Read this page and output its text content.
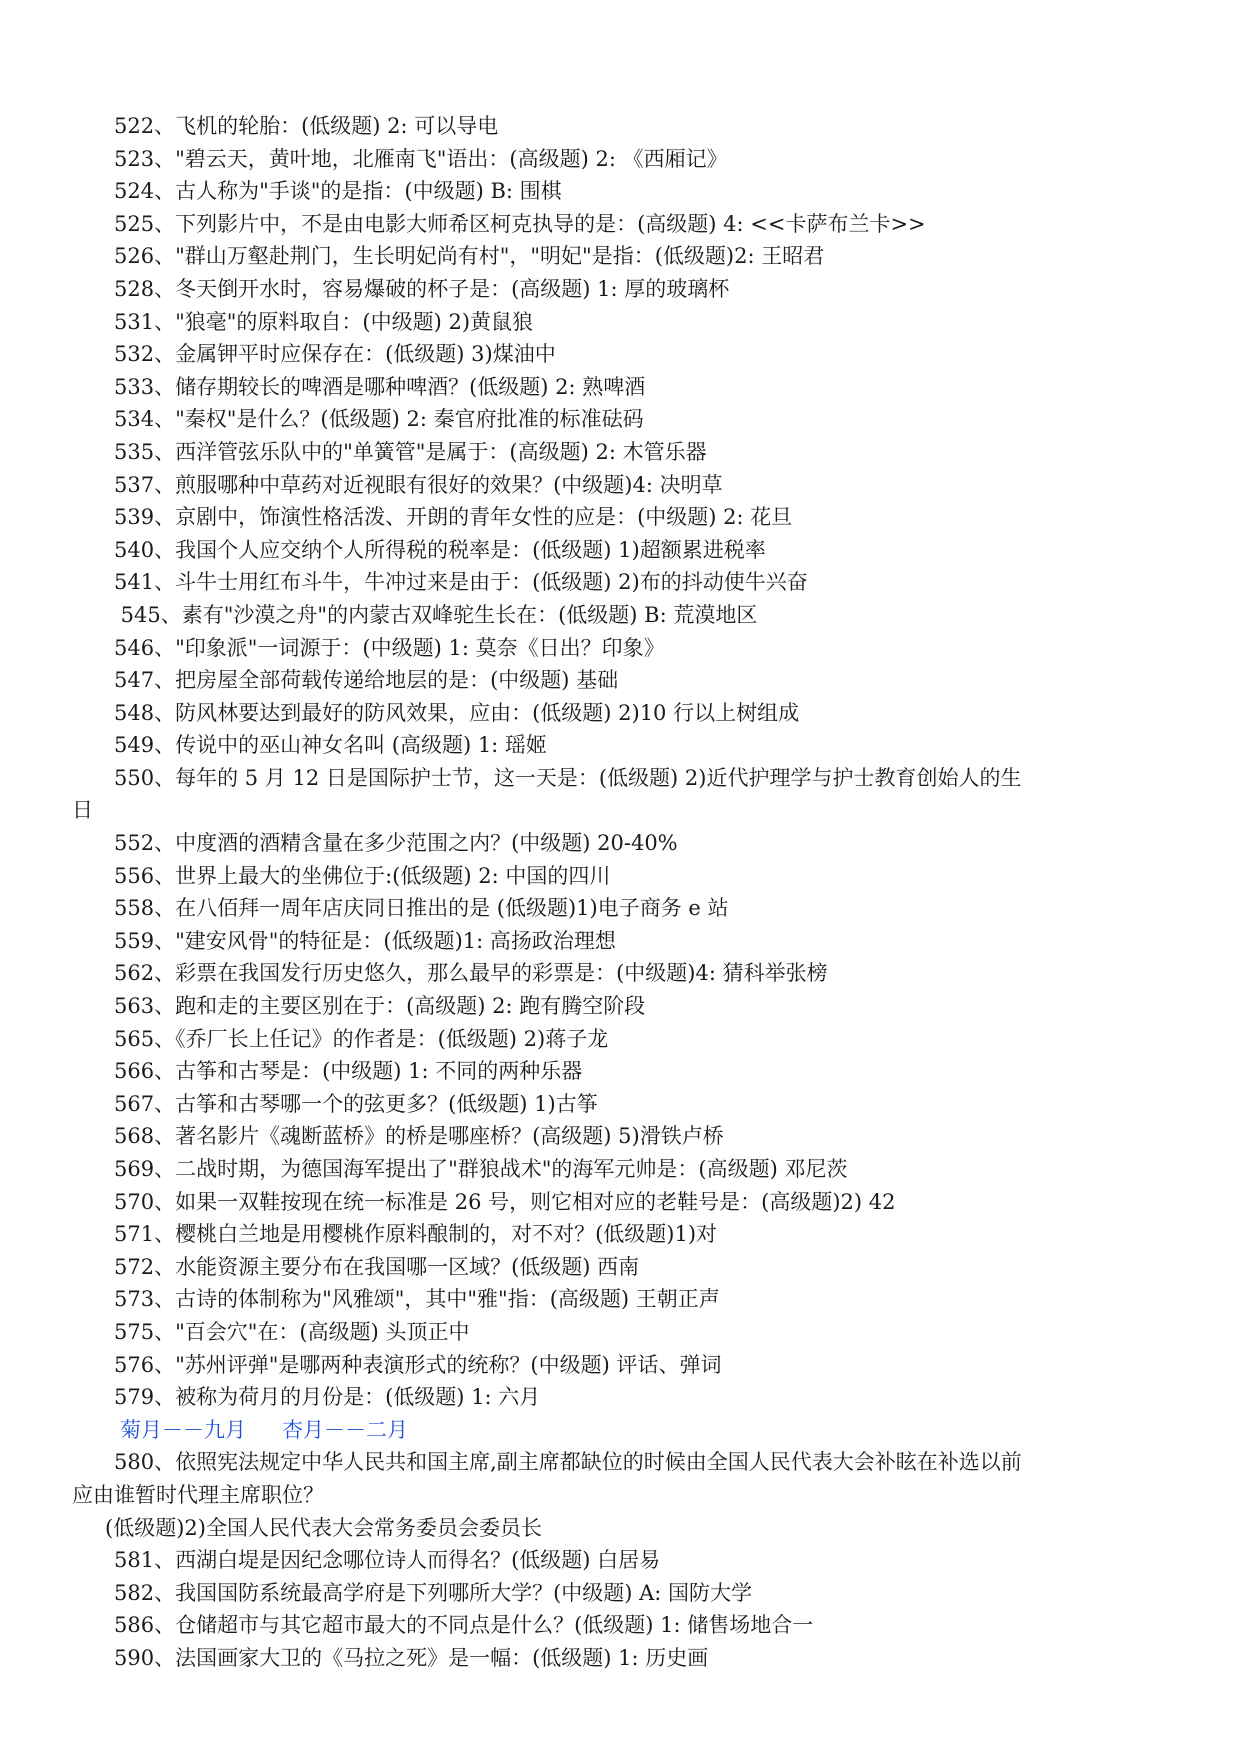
522、飞机的轮胎：(低级题) 2: 可以导电
523、"碧云天，黄叶地，北雁南飞"语出：(高级题) 2: 《西厢记》
524、古人称为"手谈"的是指：(中级题) B: 围棋
525、下列影片中，不是由电影大师希区柯克执导的是：(高级题) 4: <<卡萨布兰卡>>
526、"群山万壑赴荆门，生长明妃尚有村"，"明妃"是指：(低级题)2: 王昭君
528、冬天倒开水时，容易爆破的杯子是：(高级题) 1: 厚的玻璃杯
531、"狼毫"的原料取自：(中级题) 2)黄鼠狼
532、金属钾平时应保存在：(低级题) 3)煤油中
533、储存期较长的啤酒是哪种啤酒？(低级题) 2: 熟啤酒
534、"秦权"是什么？(低级题) 2: 秦官府批准的标准砝码
535、西洋管弦乐队中的"单簧管"是属于：(高级题) 2: 木管乐器
537、煎服哪种中草药对近视眼有很好的效果？(中级题)4: 决明草
539、京剧中，饰演性格活泼、开朗的青年女性的应是：(中级题) 2: 花旦
540、我国个人应交纳个人所得税的税率是：(低级题) 1)超额累进税率
541、斗牛士用红布斗牛，牛冲过来是由于：(低级题) 2)布的抖动使牛兴奋
545、素有"沙漠之舟"的内蒙古双峰驼生长在：(低级题) B: 荒漠地区
546、"印象派"一词源于：(中级题) 1: 莫奈《日出？印象》
547、把房屋全部荷载传递给地层的是：(中级题) 基础
548、防风林要达到最好的防风效果，应由：(低级题) 2)10 行以上树组成
549、传说中的巫山神女名叫 (高级题) 1: 瑶姬
550、每年的 5 月 12 日是国际护士节，这一天是：(低级题) 2)近代护理学与护士教育创始人的生
日
552、中度酒的酒精含量在多少范围之内？(中级题) 20-40%
556、世界上最大的坐佛位于:(低级题) 2: 中国的四川
558、在八佰拜一周年店庆同日推出的是 (低级题)1)电子商务 e 站
559、"建安风骨"的特征是：(低级题)1: 高扬政治理想
562、彩票在我国发行历史悠久，那么最早的彩票是：(中级题)4: 猜科举张榜
563、跑和走的主要区别在于：(高级题) 2: 跑有腾空阶段
565、《乔厂长上任记》的作者是：(低级题) 2)蒋子龙
566、古筝和古琴是：(中级题) 1: 不同的两种乐器
567、古筝和古琴哪一个的弦更多？(低级题) 1)古筝
568、著名影片《魂断蓝桥》的桥是哪座桥？(高级题) 5)滑铁卢桥
569、二战时期，为德国海军提出了"群狼战术"的海军元帅是：(高级题) 邓尼茨
570、如果一双鞋按现在统一标准是 26 号，则它相对应的老鞋号是：(高级题)2) 42
571、樱桃白兰地是用樱桃作原料酿制的，对不对？(低级题)1)对
572、水能资源主要分布在我国哪一区域？(低级题) 西南
573、古诗的体制称为"风雅颂"，其中"雅"指：(高级题) 王朝正声
575、"百会穴"在：(高级题) 头顶正中
576、"苏州评弹"是哪两种表演形式的统称？(中级题) 评话、弹词
579、被称为荷月的月份是：(低级题) 1: 六月
菊月－－九月 杏月－－二月
580、依照宪法规定中华人民共和国主席,副主席都缺位的时候由全国人民代表大会补眩在补选以前
应由谁暂时代理主席职位？
(低级题)2)全国人民代表大会常务委员会委员长
581、西湖白堤是因纪念哪位诗人而得名？(低级题) 白居易
582、我国国防系统最高学府是下列哪所大学？(中级题) A: 国防大学
586、仓储超市与其它超市最大的不同点是什么？(低级题) 1: 储售场地合一
590、法国画家大卫的《马拉之死》是一幅：(低级题) 1: 历史画
